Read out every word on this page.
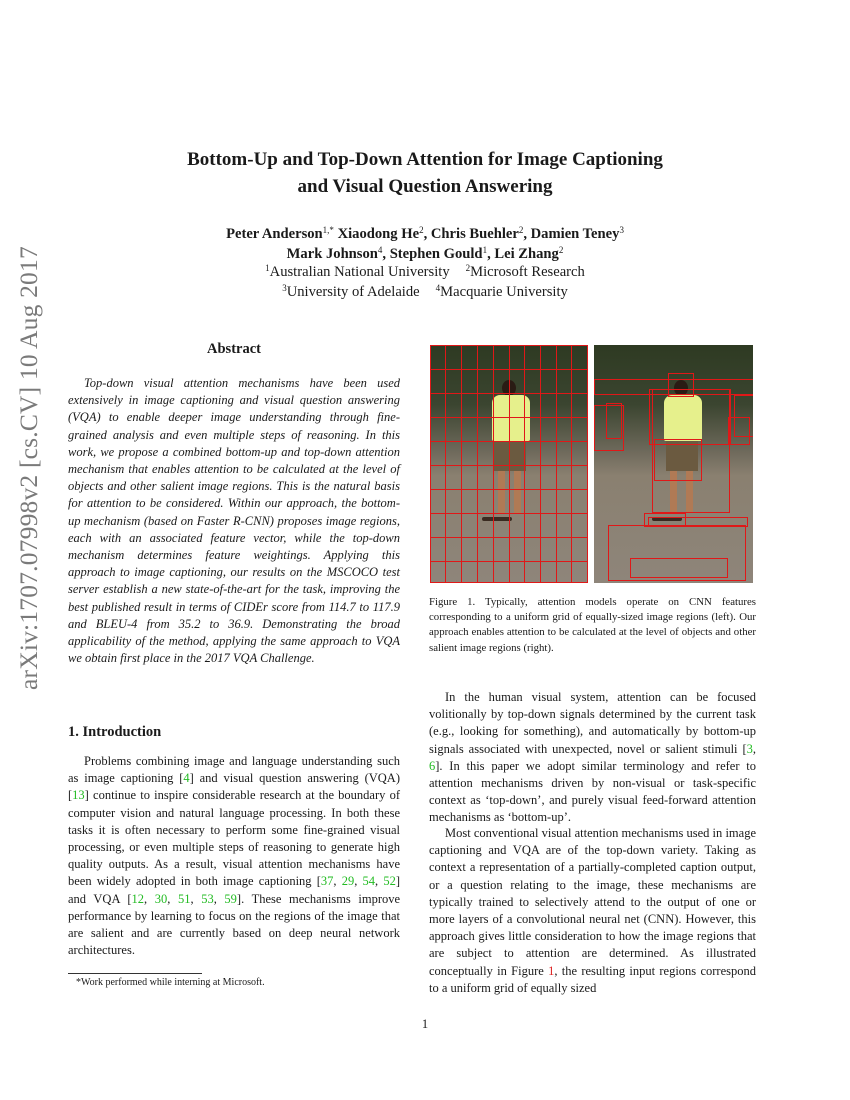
arXiv:1707.07998v2 [cs.CV] 10 Aug 2017
Bottom-Up and Top-Down Attention for Image Captioning
and Visual Question Answering
Peter Anderson$^{1,*}$ Xiaodong He$^2$, Chris Buehler$^2$, Damien Teney$^3$
Mark Johnson$^4$, Stephen Gould$^1$, Lei Zhang$^2$
$^1$Australian National University $^2$Microsoft Research
$^3$University of Adelaide $^4$Macquarie University
Abstract

Top-down visual attention mechanisms have been used extensively in image captioning and visual question answering (VQA) to enable deeper image understanding through fine-grained analysis and even multiple steps of reasoning. In this work, we propose a combined bottom-up and top-down attention mechanism that enables attention to be calculated at the level of objects and other salient image regions. This is the natural basis for attention to be considered. Within our approach, the bottom-up mechanism (based on Faster R-CNN) proposes image regions, each with an associated feature vector, while the top-down mechanism determines feature weightings. Applying this approach to image captioning, our results on the MSCOCO test server establish a new state-of-the-art for the task, improving the best published result in terms of CIDEr score from 114.7 to 117.9 and BLEU-4 from 35.2 to 36.9. Demonstrating the broad applicability of the method, applying the same approach to VQA we obtain first place in the 2017 VQA Challenge.

1. Introduction

Problems combining image and language understanding such as image captioning [4] and visual question answering (VQA) [13] continue to inspire considerable research at the boundary of computer vision and natural language processing. In both these tasks it is often necessary to perform some fine-grained visual processing, or even multiple steps of reasoning to generate high quality outputs. As a result, visual attention mechanisms have been widely adopted in both image captioning [37, 29, 54, 52] and VQA [12, 30, 51, 53, 59]. These mechanisms improve performance by learning to focus on the regions of the image that are salient and are currently based on deep neural network architectures.

*Work performed while interning at Microsoft.
Figure 1. Typically, attention models operate on CNN features corresponding to a uniform grid of equally-sized image regions (left). Our approach enables attention to be calculated at the level of objects and other salient image regions (right).

In the human visual system, attention can be focused volitionally by top-down signals determined by the current task (e.g., looking for something), and automatically by bottom-up signals associated with unexpected, novel or salient stimuli [3, 6]. In this paper we adopt similar terminology and refer to attention mechanisms driven by non-visual or task-specific context as ‘top-down’, and purely visual feed-forward attention mechanisms as ‘bottom-up’.

Most conventional visual attention mechanisms used in image captioning and VQA are of the top-down variety. Taking as context a representation of a partially-completed caption output, or a question relating to the image, these mechanisms are typically trained to selectively attend to the output of one or more layers of a convolutional neural net (CNN). However, this approach gives little consideration to how the image regions that are subject to attention are determined. As illustrated conceptually in Figure 1, the resulting input regions correspond to a uniform grid of equally sized

1
